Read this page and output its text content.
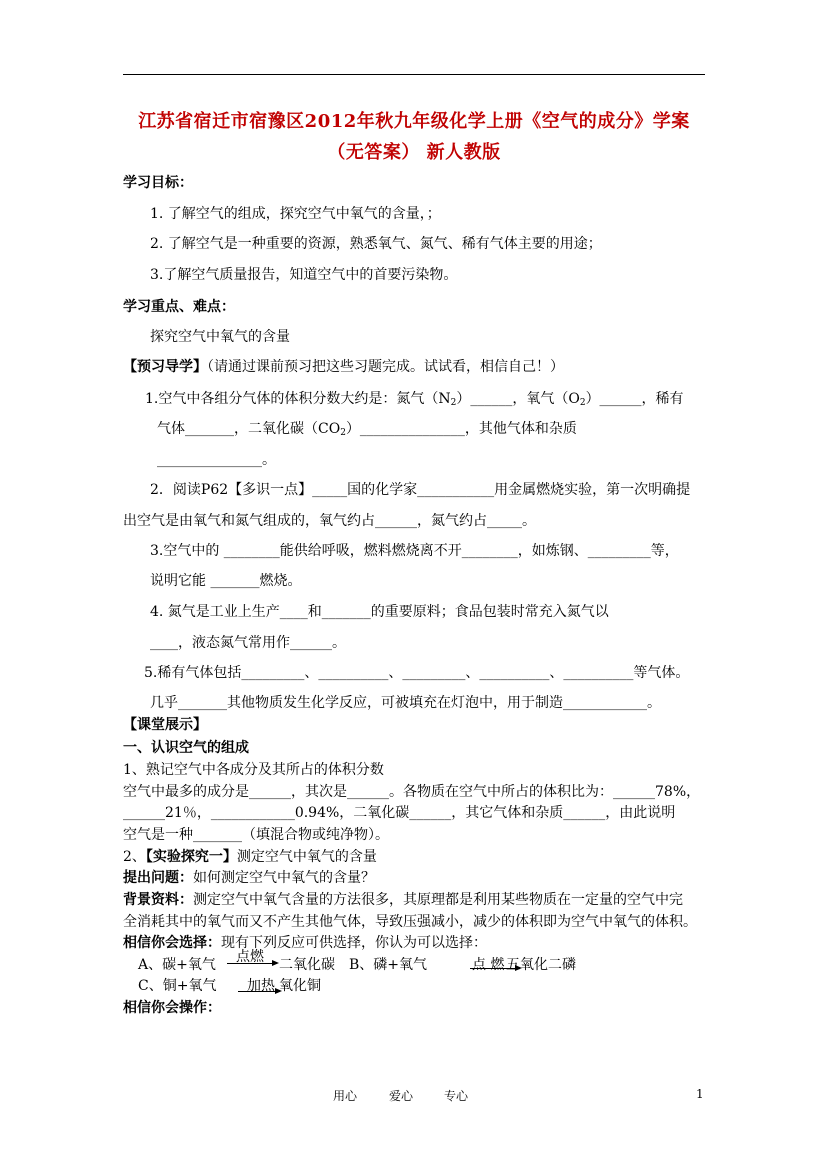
江苏省宿迁市宿豫区2012年秋九年级化学上册《空气的成分》学案
（无答案） 新人教版
学习目标：
1. 了解空气的组成，探究空气中氧气的含量，；
2. 了解空气是一种重要的资源，熟悉氧气、氮气、稀有气体主要的用途；
3.了解空气质量报告，知道空气中的首要污染物。
学习重点、难点：
探究空气中氧气的含量
【预习导学】（请通过课前预习把这些习题完成。试试看，相信自己！）
1.空气中各组分气体的体积分数大约是：氮气$(N_2)\_\_\_\_\_\_$，氧气$(O_2)\_\_\_\_\_\_$，稀有
气体_______，二氧化碳$(CO_2)\_\_\_\_\_\_\_\_\_\_\_\_\_\_\_$，其他气体和杂质
_______________。
2．阅读P62【多识一点】_____国的化学家___________用金属燃烧实验，第一次明确提
出空气是由氧气和氮气组成的，氧气约占______，氮气约占_____。
3.空气中的 ________能供给呼吸，燃料燃烧离不开________，如炼钢、_________等，
说明它能 _______燃烧。
4. 氮气是工业上生产____和_______的重要原料；食品包装时常充入氮气以
____，液态氮气常用作______。
5.稀有气体包括_________、__________、_________、__________、__________等气体。
几乎_______其他物质发生化学反应，可被填充在灯泡中，用于制造____________。
【课堂展示】
一、认识空气的组成
1、熟记空气中各成分及其所占的体积分数
空气中最多的成分是______，其次是______。各物质在空气中所占的体积比为：______78%，
______21％，____________0.94%，二氧化碳______，其它气体和杂质______，由此说明
空气是一种_______（填混合物或纯净物）。
2、【实验探究一】测定空气中氧气的含量
提出问题：如何测定空气中氧气的含量？
背景资料：测定空气中氧气含量的方法很多，其原理都是利用某些物质在一定量的空气中完
全消耗其中的氧气而又不产生其他气体，导致压强减小，减少的体积即为空气中氧气的体积。
相信你会选择：现有下列反应可供选择，你认为可以选择：
A、碳+氧气 点燃 二氧化碳 B、磷+氧气	点 燃 五氧化二磷
C、铜+氧气 加热 氧化铜
相信你会操作：
用心	爱心	专心	1
